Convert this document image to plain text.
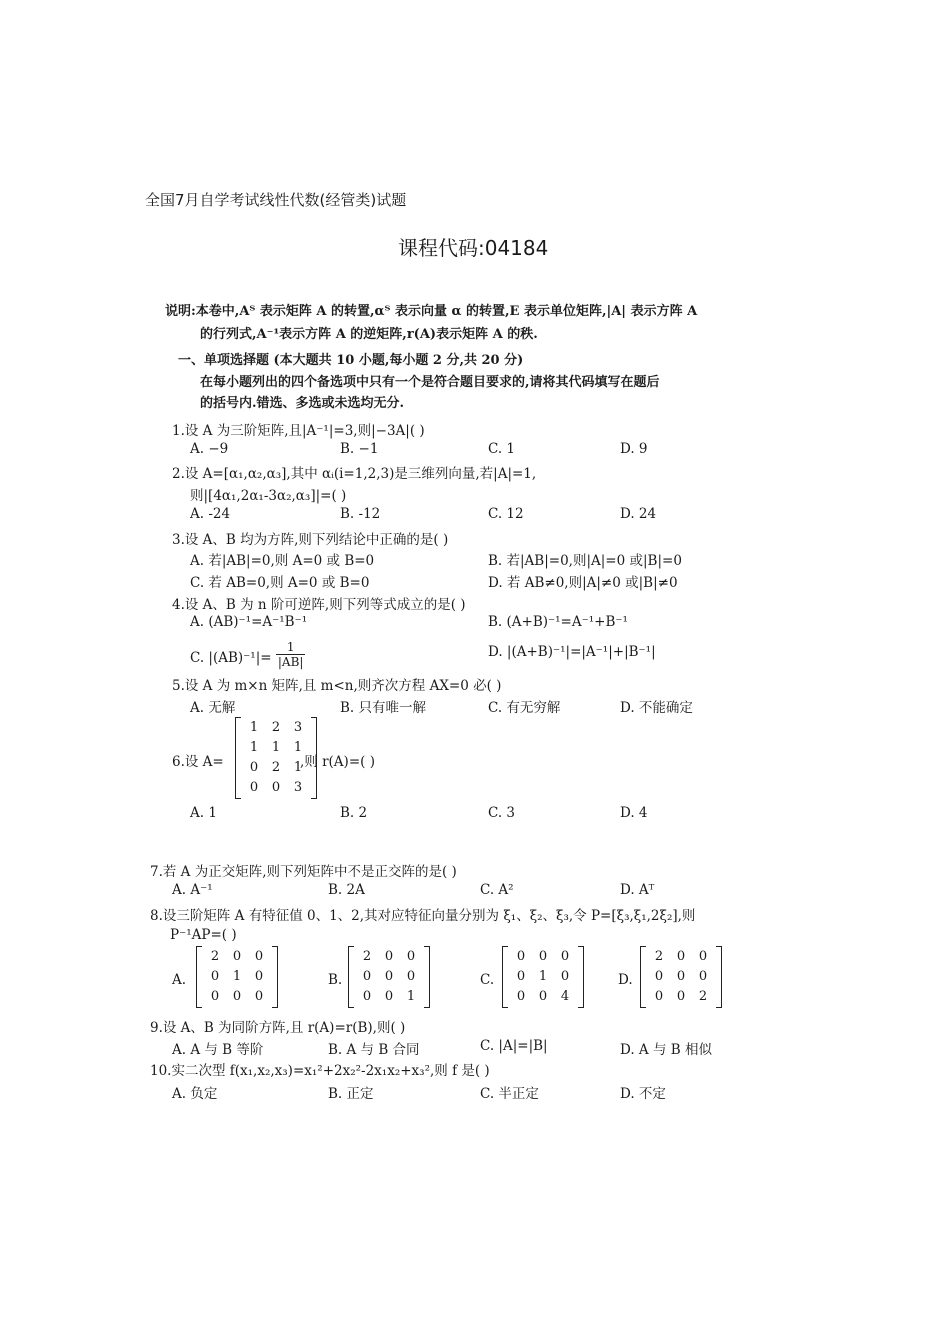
全国7月自学考试线性代数(经管类)试题
课程代码:04184
说明:本卷中,Aᵀ 表示矩阵 A 的转置,αᵀ 表示向量 α 的转置,E 表示单位矩阵,|A| 表示方阵 A
的行列式,A⁻¹表示方阵 A 的逆矩阵,r(A)表示矩阵 A 的秩.
一、单项选择题 (本大题共 10 小题,每小题 2 分,共 20 分)
在每小题列出的四个备选项中只有一个是符合题目要求的,请将其代码填写在题后
的括号内.错选、多选或未选均无分.
1.设 A 为三阶矩阵,且|A⁻¹|=3,则|−3A|( )
A. −9	B. −1	C. 1	D. 9
2.设 A=[α₁,α₂,α₃],其中 αᵢ(i=1,2,3)是三维列向量,若|A|=1,
则|[4α₁,2α₁-3α₂,α₃]|=( )
A. -24	B. -12	C. 12	D. 24
3.设 A、B 均为方阵,则下列结论中正确的是( )
A. 若|AB|=0,则 A=0 或 B=0	B. 若|AB|=0,则|A|=0 或|B|=0
C. 若 AB=0,则 A=0 或 B=0	D. 若 AB≠0,则|A|≠0 或|B|≠0
4.设 A、B 为 n 阶可逆阵,则下列等式成立的是( )
A. (AB)⁻¹=A⁻¹B⁻¹	B. (A+B)⁻¹=A⁻¹+B⁻¹
C. $|(AB)^{-1}|= \frac{1}{|AB|}$	D. |(A+B)⁻¹|=|A⁻¹|+|B⁻¹|
5.设 A 为 m×n 矩阵,且 m<n,则齐次方程 AX=0 必( )
A. 无解	B. 只有唯一解	C. 有无穷解	D. 不能确定
6.设 A=
1	2	3
1	1	1
0	2	1
0	0	3
,则 r(A)=( )
A. 1	B. 2	C. 3	D. 4
7.若 A 为正交矩阵,则下列矩阵中不是正交阵的是( )
A. A⁻¹	B. 2A	C. A²	D. Aᵀ
8.设三阶矩阵 A 有特征值 0、1、2,其对应特征向量分别为 ξ₁、ξ₂、ξ₃,令 P=[ξ₃,ξ₁,2ξ₂],则
P⁻¹AP=( )
A.
2	0	0
0	1	0
0	0	0
B.
2	0	0
0	0	0
0	0	1
C.
0	0	0
0	1	0
0	0	4
D.
2	0	0
0	0	0
0	0	2
9.设 A、B 为同阶方阵,且 r(A)=r(B),则( )
A. A 与 B 等阶	B. A 与 B 合同	C. |A|=|B|	D. A 与 B 相似
10.实二次型 f(x₁,x₂,x₃)=x₁²+2x₂²-2x₁x₂+x₃²,则 f 是( )
A. 负定	B. 正定	C. 半正定	D. 不定
